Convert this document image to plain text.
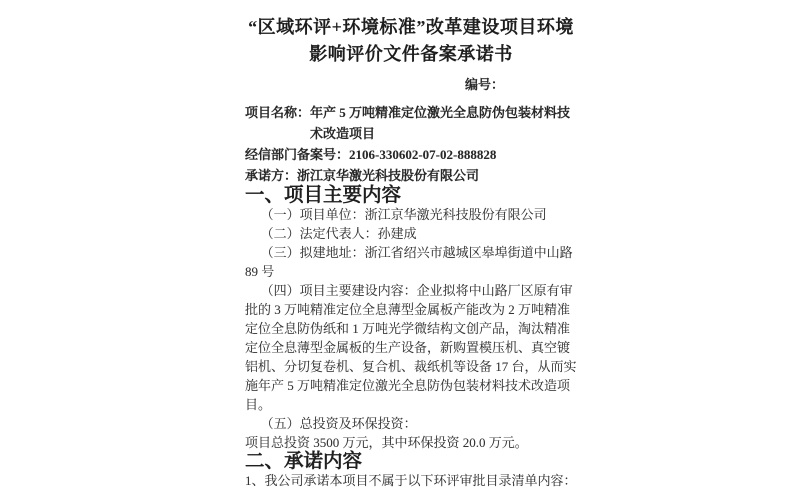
“区域环评+环境标准”改革建设项目环境
影响评价文件备案承诺书
编号：
项目名称： 年产 5 万吨精准定位激光全息防伪包装材料技术改造项目
经信部门备案号： 2106-330602-07-02-888828
承诺方： 浙江京华激光科技股份有限公司
一、项目主要内容

（一）项目单位：浙江京华激光科技股份有限公司

（二）法定代表人：孙建成

（三）拟建地址：浙江省绍兴市越城区皋埠街道中山路 89 号

（四）项目主要建设内容：企业拟将中山路厂区原有审批的 3 万吨精准定位全息薄型金属板产能改为 2 万吨精准定位全息防伪纸和 1 万吨光学微结构文创产品，淘汰精准定位全息薄型金属板的生产设备，新购置模压机、真空镀铝机、分切复卷机、复合机、裁纸机等设备 17 台，从而实施年产 5 万吨精准定位激光全息防伪包装材料技术改造项目。

（五）总投资及环保投资：

项目总投资 3500 万元，其中环保投资 20.0 万元。

二、承诺内容

1、我公司承诺本项目不属于以下环评审批目录清单内容：
